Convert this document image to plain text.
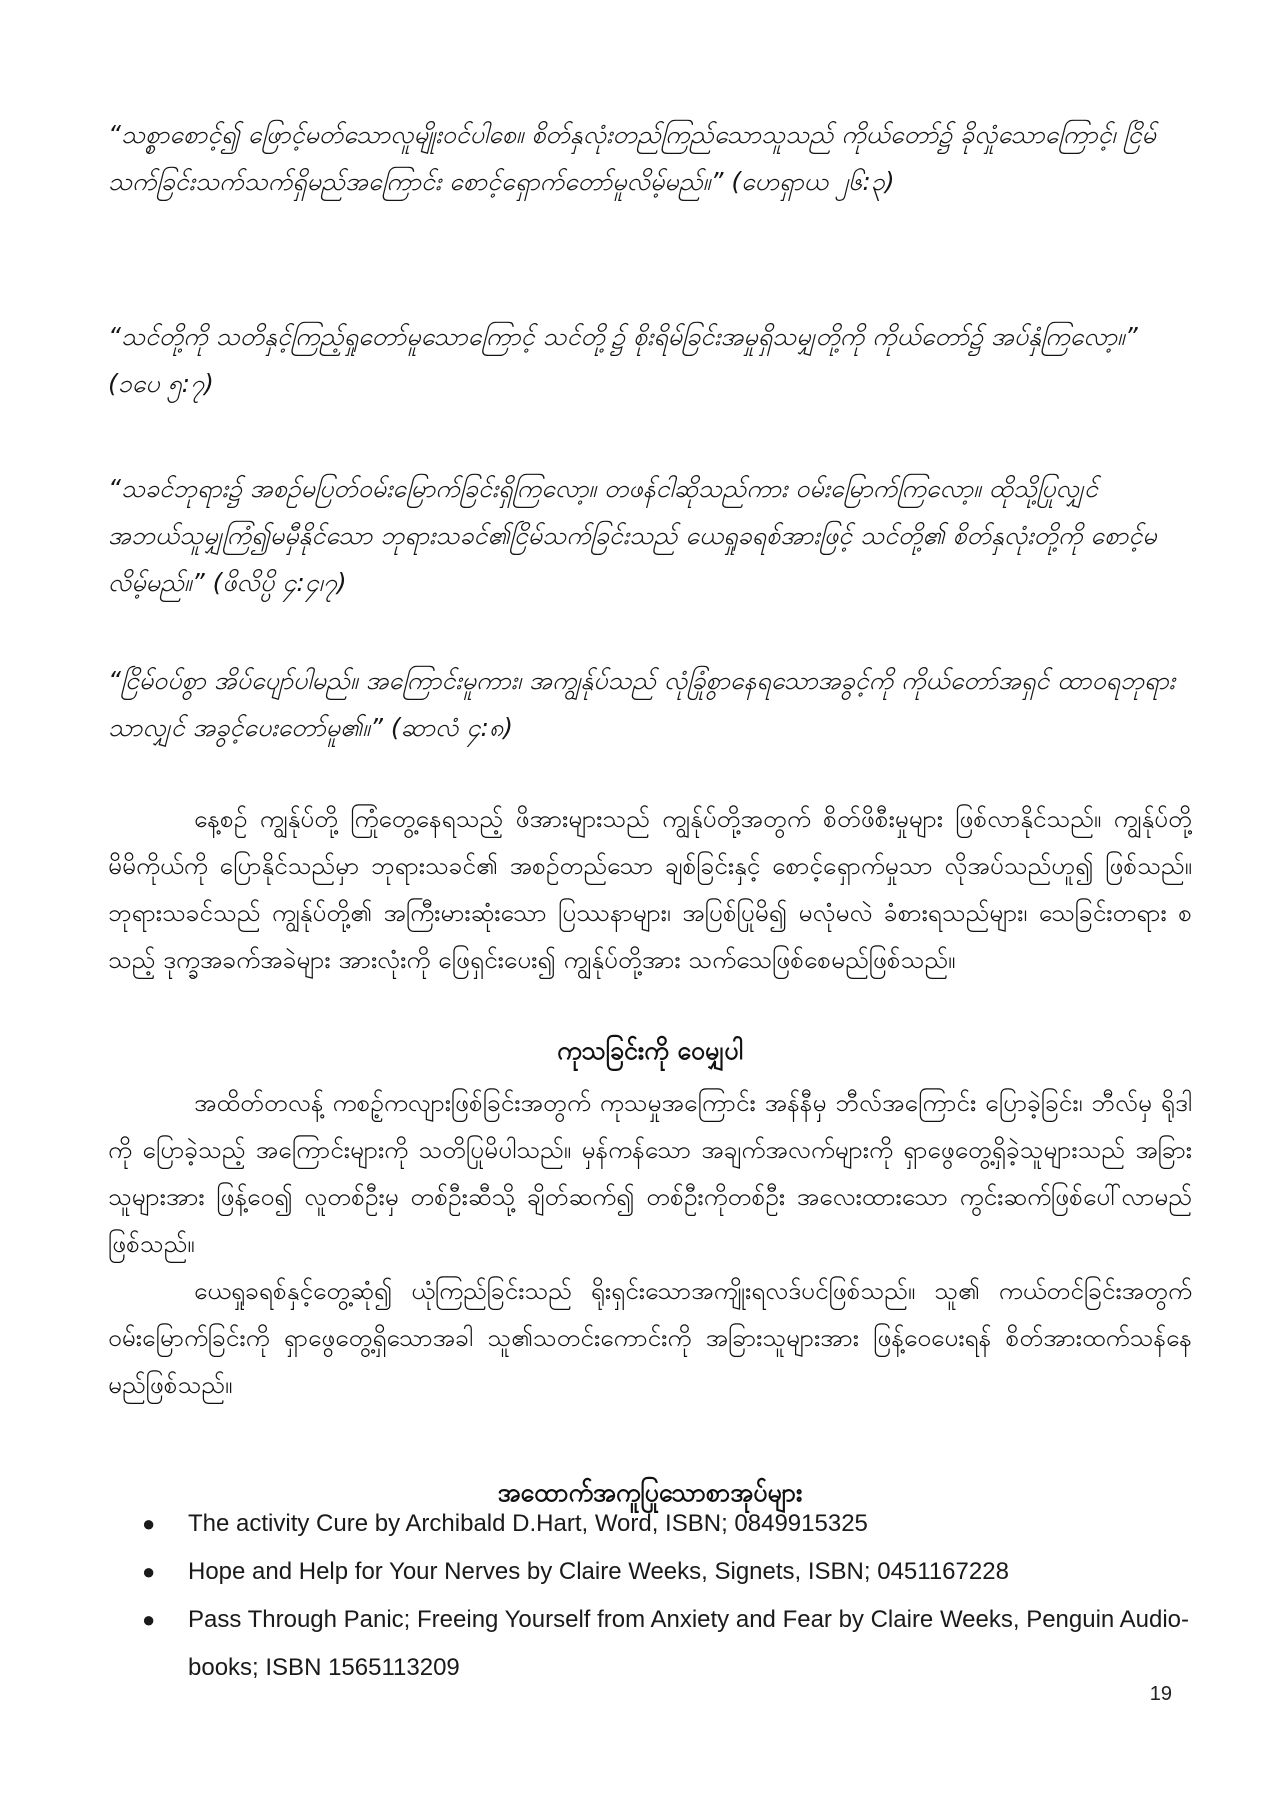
“သစ္စာစောင့်၍ ဖြောင့်မတ်သောလူမျိုးဝင်ပါစေ။ စိတ်နှလုံးတည်ကြည်သောသူသည် ကိုယ်တော်၌ ခိုလှုံသောကြောင့်၊ ငြိမ်သက်ခြင်းသက်သက်ရှိမည်အကြောင်း စောင့်ရှောက်တော်မူလိမ့်မည်။” (ဟေရှာယ ၂၆:၃)

“သင်တို့ကို သတိနှင့်ကြည့်ရှုတော်မူသောကြောင့် သင်တို့၌ စိုးရိမ်ခြင်းအမှုရှိသမျှတို့ကို ကိုယ်တော်၌ အပ်နှံကြလော့။” (၁ပေ ၅:၇)

“သခင်ဘုရား၌ အစဉ်မပြတ်ဝမ်းမြောက်ခြင်းရှိကြလော့။ တဖန်ငါဆိုသည်ကား ဝမ်းမြောက်ကြလော့။ ထိုသို့ပြုလျှင် အဘယ်သူမျှကြံ၍မမှီနိုင်သော ဘုရားသခင်၏ငြိမ်သက်ခြင်းသည် ယေရှုခရစ်အားဖြင့် သင်တို့၏ စိတ်နှလုံးတို့ကို စောင့်မလိမ့်မည်။” (ဖိလိပ္ပိ ၄:၄၊၇)

“ငြိမ်ဝပ်စွာ အိပ်ပျော်ပါမည်။ အကြောင်းမူကား၊ အကျွန်ုပ်သည် လုံခြုံစွာနေရသောအခွင့်ကို ကိုယ်တော်အရှင် ထာဝရဘုရားသာလျှင် အခွင့်ပေးတော်မူ၏။” (ဆာလံ ၄:၈)

နေ့စဉ် ကျွန်ုပ်တို့ ကြုံတွေ့နေရသည့် ဖိအားများသည် ကျွန်ုပ်တို့အတွက် စိတ်ဖိစီးမှုများ ဖြစ်လာနိုင်သည်။ ကျွန်ုပ်တို့ မိမိကိုယ်ကို ပြောနိုင်သည်မှာ ဘုရားသခင်၏ အစဉ်တည်သော ချစ်ခြင်းနှင့် စောင့်ရှောက်မှုသာ လိုအပ်သည်ဟူ၍ ဖြစ်သည်။ ဘုရားသခင်သည် ကျွန်ုပ်တို့၏ အကြီးမားဆုံးသော ပြဿနာများ၊ အပြစ်ပြုမိ၍ မလုံမလဲ ခံစားရသည်များ၊ သေခြင်းတရား စသည့် ဒုက္ခအခက်အခဲများ အားလုံးကို ဖြေရှင်းပေး၍ ကျွန်ုပ်တို့အား သက်သေဖြစ်စေမည်ဖြစ်သည်။

ကုသခြင်းကို ဝေမျှပါ

အထိတ်တလန့် ကစဉ့်ကလျားဖြစ်ခြင်းအတွက် ကုသမှုအကြောင်း အန်နီမှ ဘီလ်အကြောင်း ပြောခဲ့ခြင်း၊ ဘီလ်မှ ရိုဒါကို ပြောခဲ့သည့် အကြောင်းများကို သတိပြုမိပါသည်။ မှန်ကန်သော အချက်အလက်များကို ရှာဖွေတွေ့ရှိခဲ့သူများသည် အခြားသူများအား ဖြန့်ဝေ၍ လူတစ်ဦးမှ တစ်ဦးဆီသို့ ချိတ်ဆက်၍ တစ်ဦးကိုတစ်ဦး အလေးထားသော ကွင်းဆက်ဖြစ်ပေါ်လာမည်ဖြစ်သည်။

ယေရှုခရစ်နှင့်တွေ့ဆုံ၍ ယုံကြည်ခြင်းသည် ရိုးရှင်းသောအကျိုးရလဒ်ပင်ဖြစ်သည်။ သူ၏ ကယ်တင်ခြင်းအတွက် ဝမ်းမြောက်ခြင်းကို ရှာဖွေတွေ့ရှိသောအခါ သူ၏သတင်းကောင်းကို အခြားသူများအား ဖြန့်ဝေပေးရန် စိတ်အားထက်သန်နေမည်ဖြစ်သည်။

အထောက်အကူပြုသောစာအုပ်များ
● The activity Cure by Archibald D.Hart, Word, ISBN; 0849915325
● Hope and Help for Your Nerves by Claire Weeks, Signets, ISBN; 0451167228
● Pass Through Panic; Freeing Yourself from Anxiety and Fear by Claire Weeks, Penguin Audio-books; ISBN 1565113209
19
